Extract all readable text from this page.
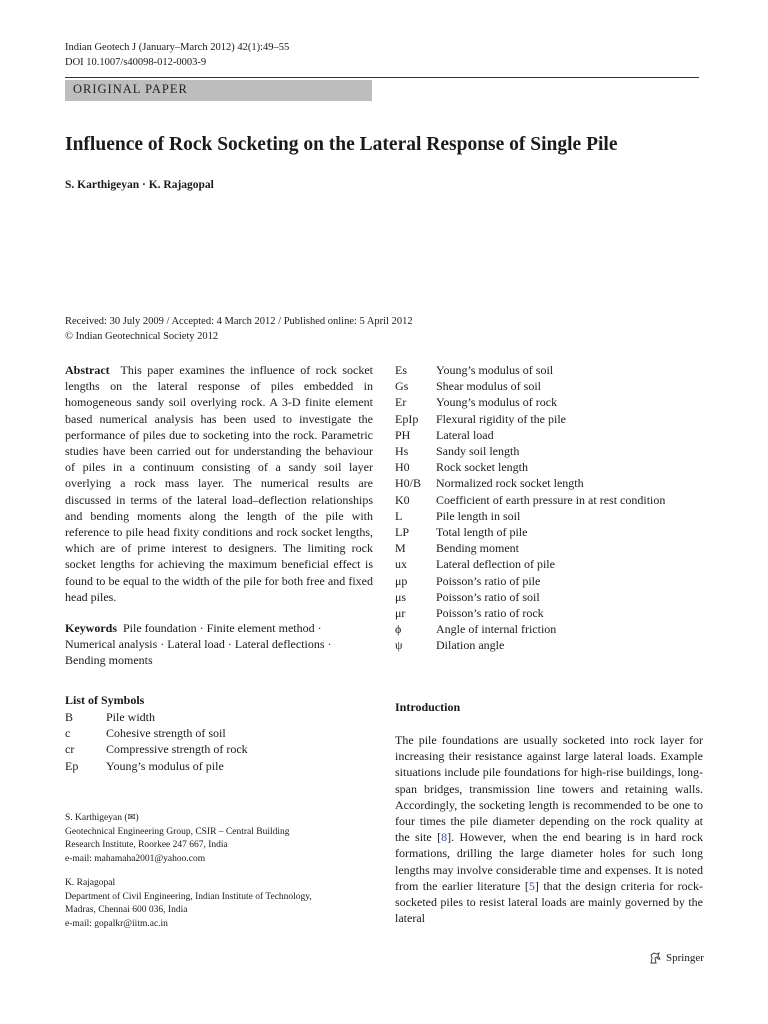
Indian Geotech J (January–March 2012) 42(1):49–55
DOI 10.1007/s40098-012-0003-9
ORIGINAL PAPER
Influence of Rock Socketing on the Lateral Response of Single Pile
S. Karthigeyan · K. Rajagopal
Received: 30 July 2009 / Accepted: 4 March 2012 / Published online: 5 April 2012
© Indian Geotechnical Society 2012
Abstract This paper examines the influence of rock socket lengths on the lateral response of piles embedded in homogeneous sandy soil overlying rock. A 3-D finite element based numerical analysis has been used to investigate the performance of piles due to socketing into the rock. Parametric studies have been carried out for understanding the behaviour of piles in a continuum consisting of a sandy soil layer overlying a rock mass layer. The numerical results are discussed in terms of the lateral load–deflection relationships and bending moments along the length of the pile with reference to pile head fixity conditions and rock socket lengths, which are of prime interest to designers. The limiting rock socket lengths for achieving the maximum beneficial effect is found to be equal to the width of the pile for both free and fixed head piles.
Keywords Pile foundation · Finite element method · Numerical analysis · Lateral load · Lateral deflections · Bending moments
List of Symbols
B	Pile width
c	Cohesive strength of soil
cr	Compressive strength of rock
Ep	Young’s modulus of pile
Es	Young’s modulus of soil
Gs	Shear modulus of soil
Er	Young’s modulus of rock
EpIp	Flexural rigidity of the pile
PH	Lateral load
Hs	Sandy soil length
H0	Rock socket length
H0/B	Normalized rock socket length
K0	Coefficient of earth pressure in at rest condition
L	Pile length in soil
LP	Total length of pile
M	Bending moment
ux	Lateral deflection of pile
μp	Poisson’s ratio of pile
μs	Poisson’s ratio of soil
μr	Poisson’s ratio of rock
ϕ	Angle of internal friction
ψ	Dilation angle
S. Karthigeyan (✉)
Geotechnical Engineering Group, CSIR – Central Building
Research Institute, Roorkee 247 667, India
e-mail: mahamaha2001@yahoo.com
K. Rajagopal
Department of Civil Engineering, Indian Institute of Technology,
Madras, Chennai 600 036, India
e-mail: gopalkr@iitm.ac.in
Introduction
The pile foundations are usually socketed into rock layer for increasing their resistance against large lateral loads. Example situations include pile foundations for high-rise buildings, long-span bridges, transmission line towers and retaining walls. Accordingly, the socketing length is recommended to be one to four times the pile diameter depending on the rock quality at the site [8]. However, when the end bearing is in hard rock formations, drilling the large diameter holes for such long lengths may involve considerable time and expenses. It is noted from the earlier literature [5] that the design criteria for rock-socketed piles to resist lateral loads are mainly governed by the lateral
Springer
